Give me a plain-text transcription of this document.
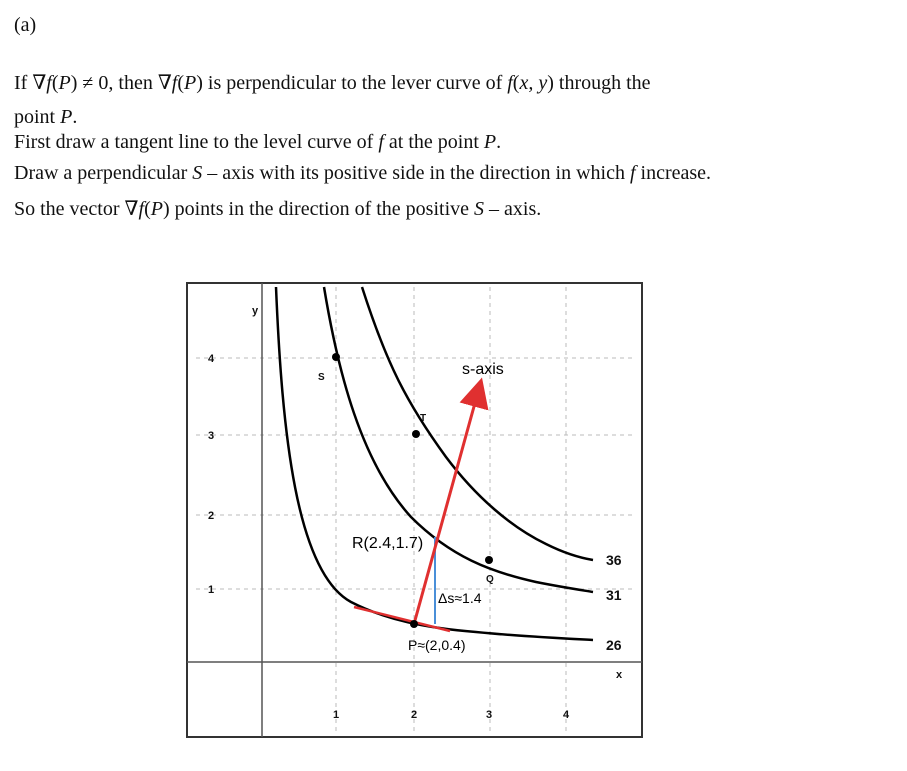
(a)
If ∇f(P) ≠ 0, then ∇f(P) is perpendicular to the lever curve of f(x, y) through the
point P.
First draw a tangent line to the level curve of f at the point P.
Draw a perpendicular S – axis with its positive side in the direction in which f increase.
So the vector ∇f(P) points in the direction of the positive S – axis.
4
3
2
1
1	2	3	4
y
x
S
T
Q
s-axis
R(2.4,1.7)
P≈(2,0.4)
Δs≈1.4
36
31
26
